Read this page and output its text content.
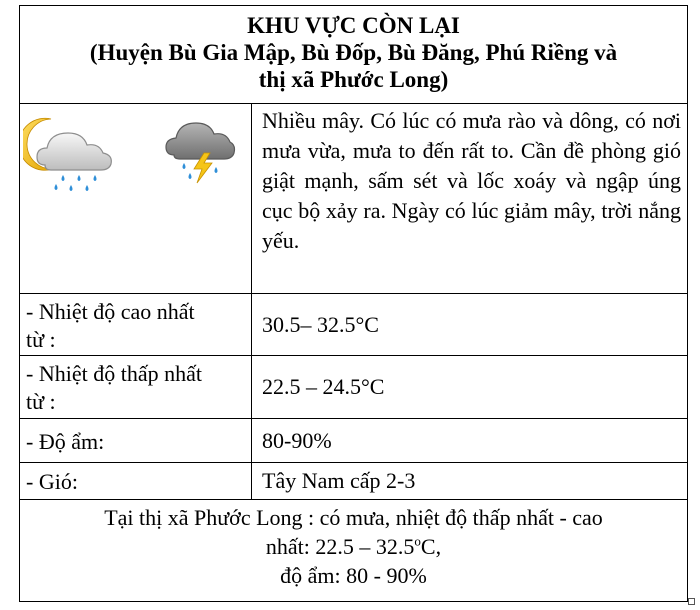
KHU VỰC CÒN LẠI
(Huyện Bù Gia Mập, Bù Đốp, Bù Đăng, Phú Riềng và
thị xã Phước Long)	

	Nhiều mây. Có lúc có mưa rào và dông, có nơi mưa vừa, mưa to đến rất to. Cần đề phòng gió giật mạnh, sấm sét và lốc xoáy và ngập úng cục bộ xảy ra. Ngày có lúc giảm mây, trời nắng yếu.
- Nhiệt độ cao nhất
từ :	30.5– 32.5°C
- Nhiệt độ thấp nhất
từ :	22.5 – 24.5°C
- Độ ẩm:	80-90%
- Gió:	Tây Nam cấp 2-3

Tại thị xã Phước Long : có mưa, nhiệt độ thấp nhất - cao
nhất: 22.5 – 32.5$^o$C,
độ ẩm: 80 - 90%	
